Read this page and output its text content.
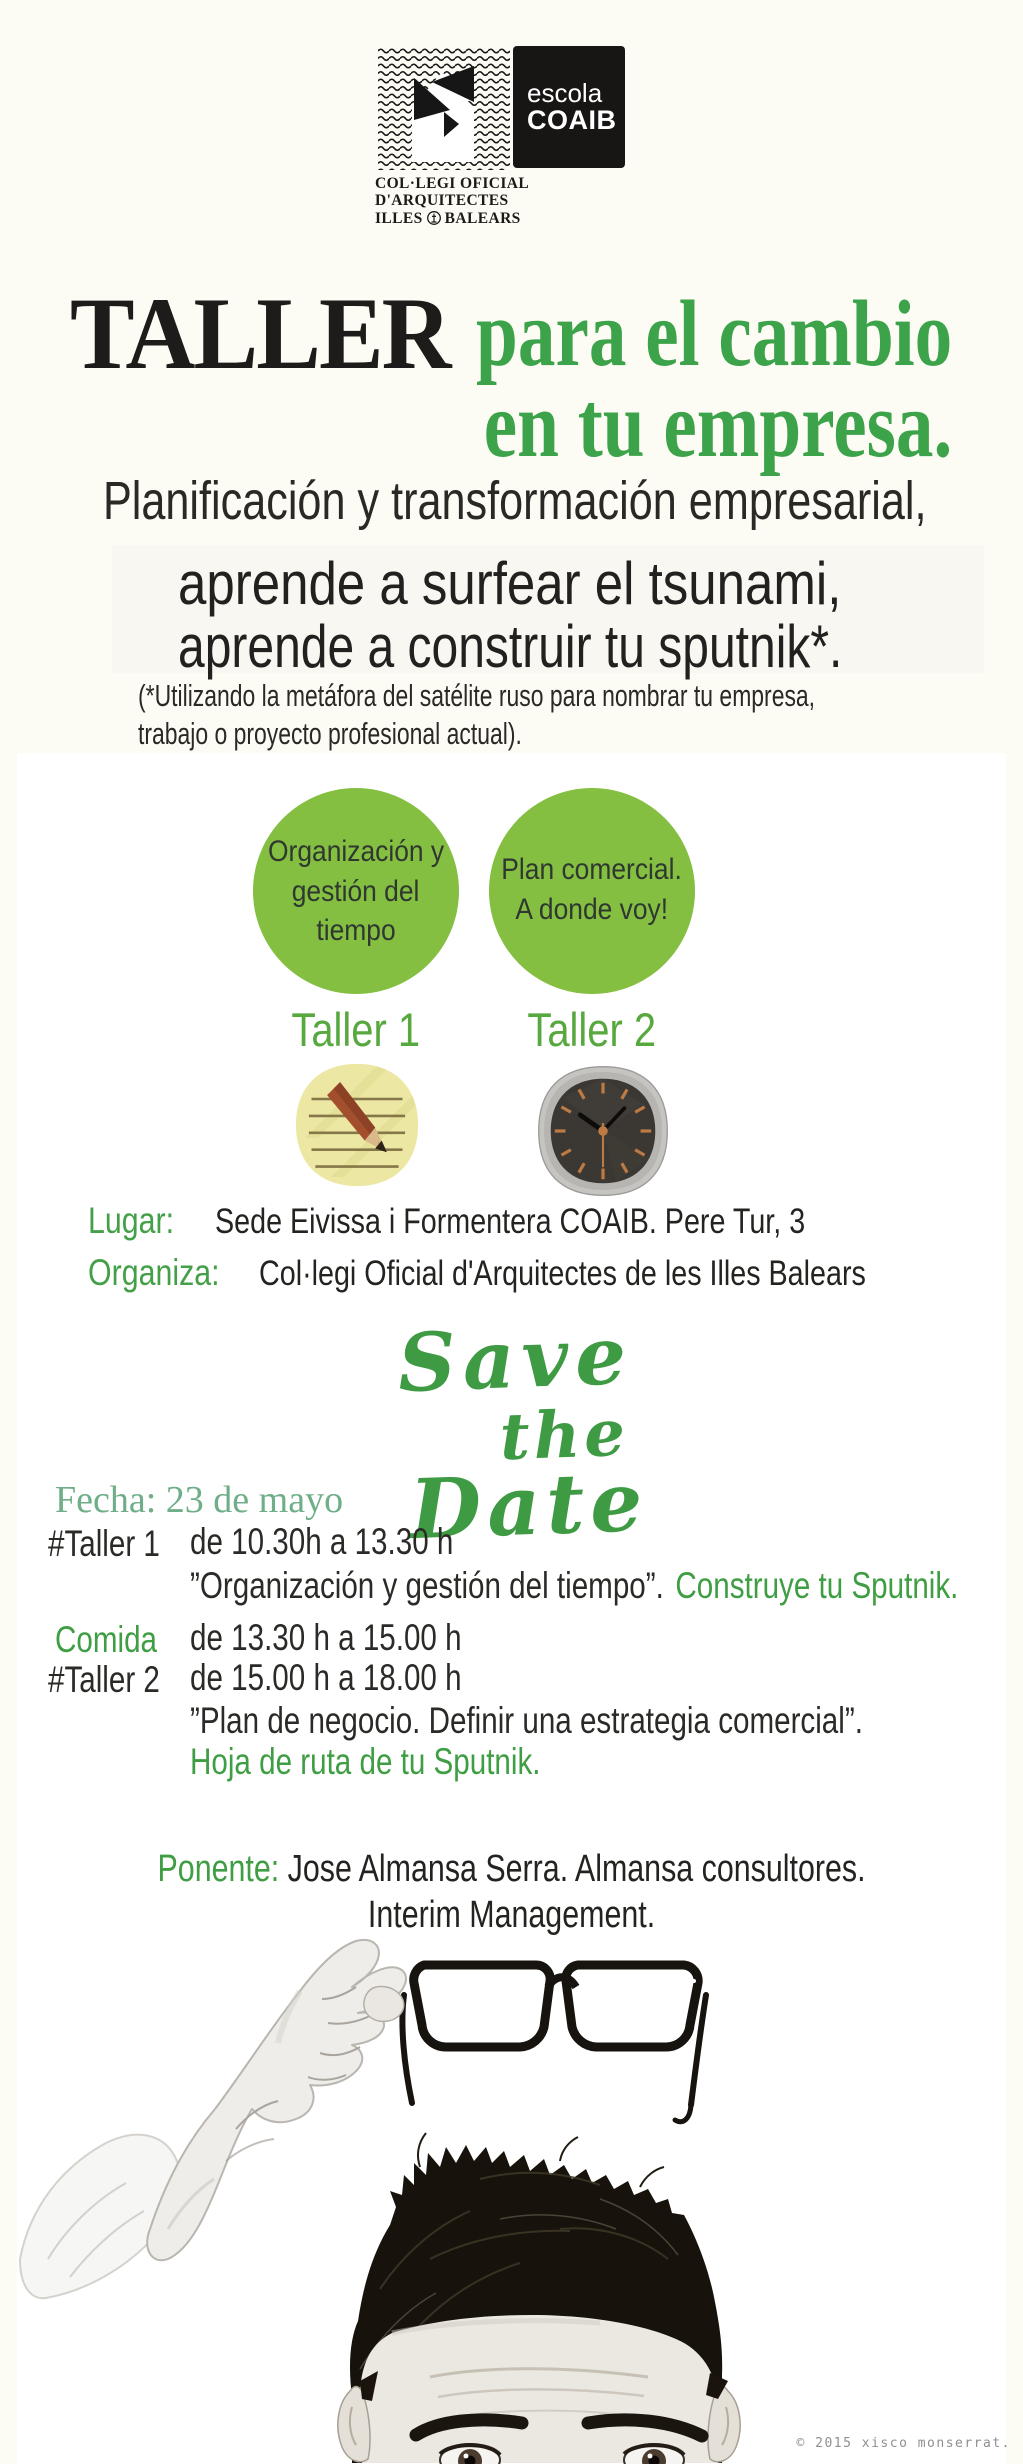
COL·LEGI OFICIAL
D'ARQUITECTES
ILLES BALEARS
escola
COAIB
TALLER para el cambio
en tu empresa.
Planificación y transformación empresarial,
aprende a surfear el tsunami,
aprende a construir tu sputnik*.
(*Utilizando la metáfora del satélite ruso para nombrar tu empresa,
trabajo o proyecto profesional actual).
Organización y
gestión del
tiempo
Plan comercial.
A donde voy!
Taller 1	Taller 2
Lugar: Sede Eivissa i Formentera COAIB. Pere Tur, 3
Organiza: Col·legi Oficial d'Arquitectes de les Illes Balears
Save
the
Date
Fecha: 23 de mayo
#Taller 1 de 10.30h a 13.30 h
”Organización y gestión del tiempo”. Construye tu Sputnik.
Comida de 13.30 h a 15.00 h
#Taller 2 de 15.00 h a 18.00 h
”Plan de negocio. Definir una estrategia comercial”.
Hoja de ruta de tu Sputnik.
Ponente: Jose Almansa Serra. Almansa consultores.
Interim Management.
© 2015 xisco monserrat.
